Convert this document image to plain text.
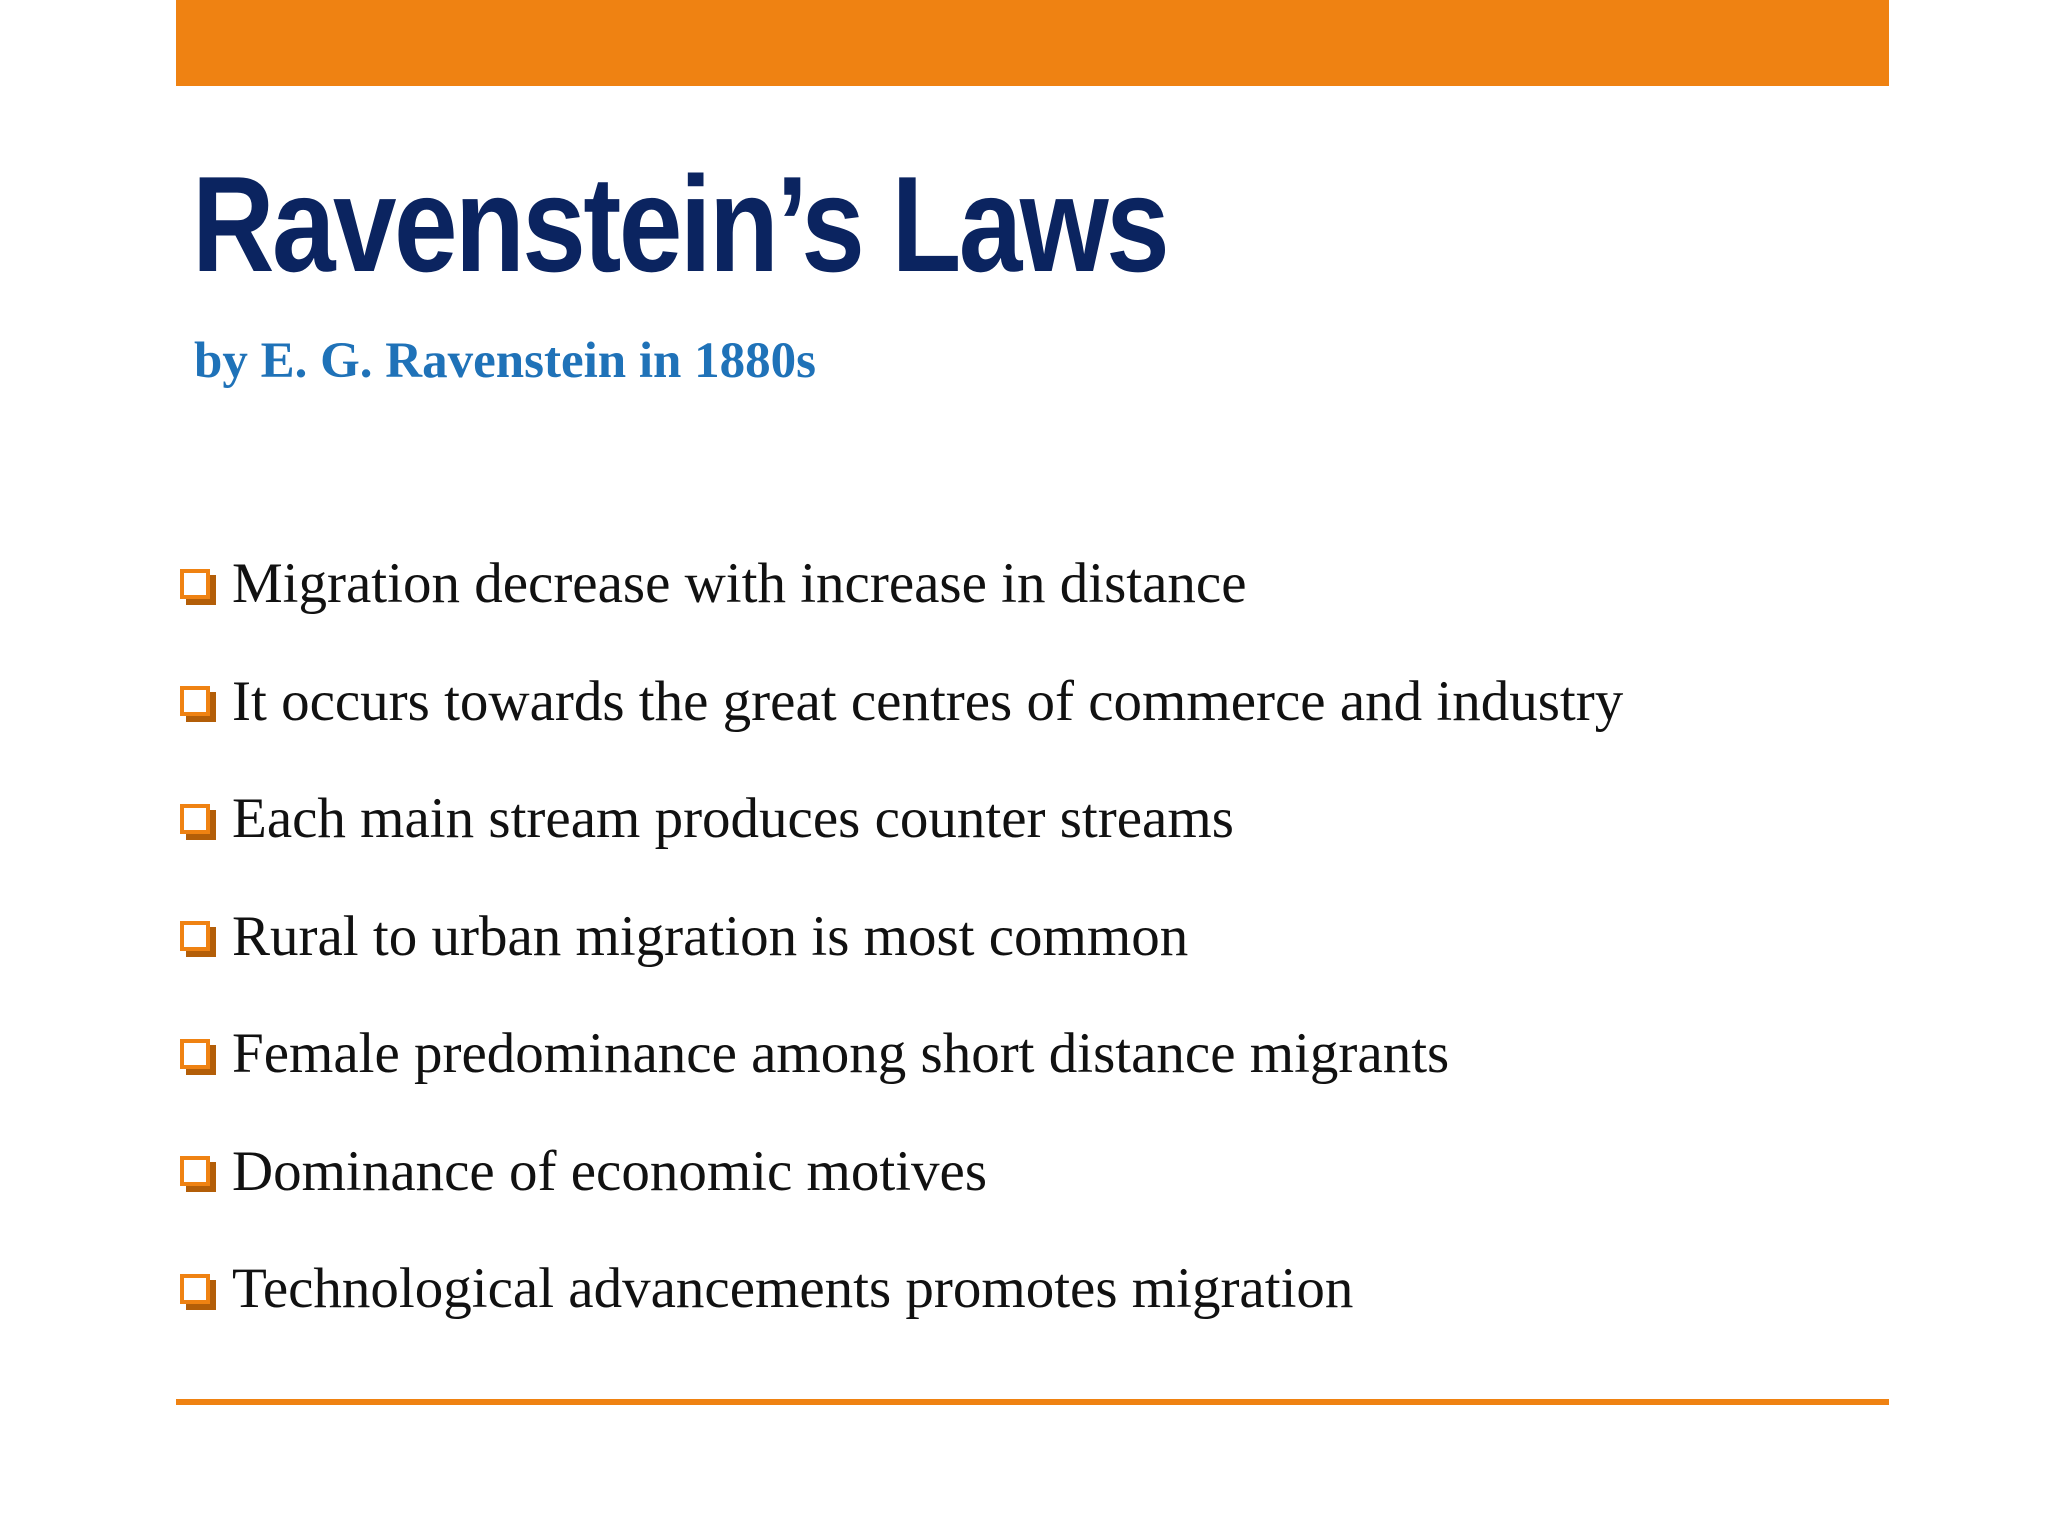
Ravenstein’s Laws

by E. G. Ravenstein in 1880s

Migration decrease with increase in distance
It occurs towards the great centres of commerce and industry
Each main stream produces counter streams
Rural to urban migration is most common
Female predominance among short distance migrants
Dominance of economic motives
Technological advancements promotes migration
